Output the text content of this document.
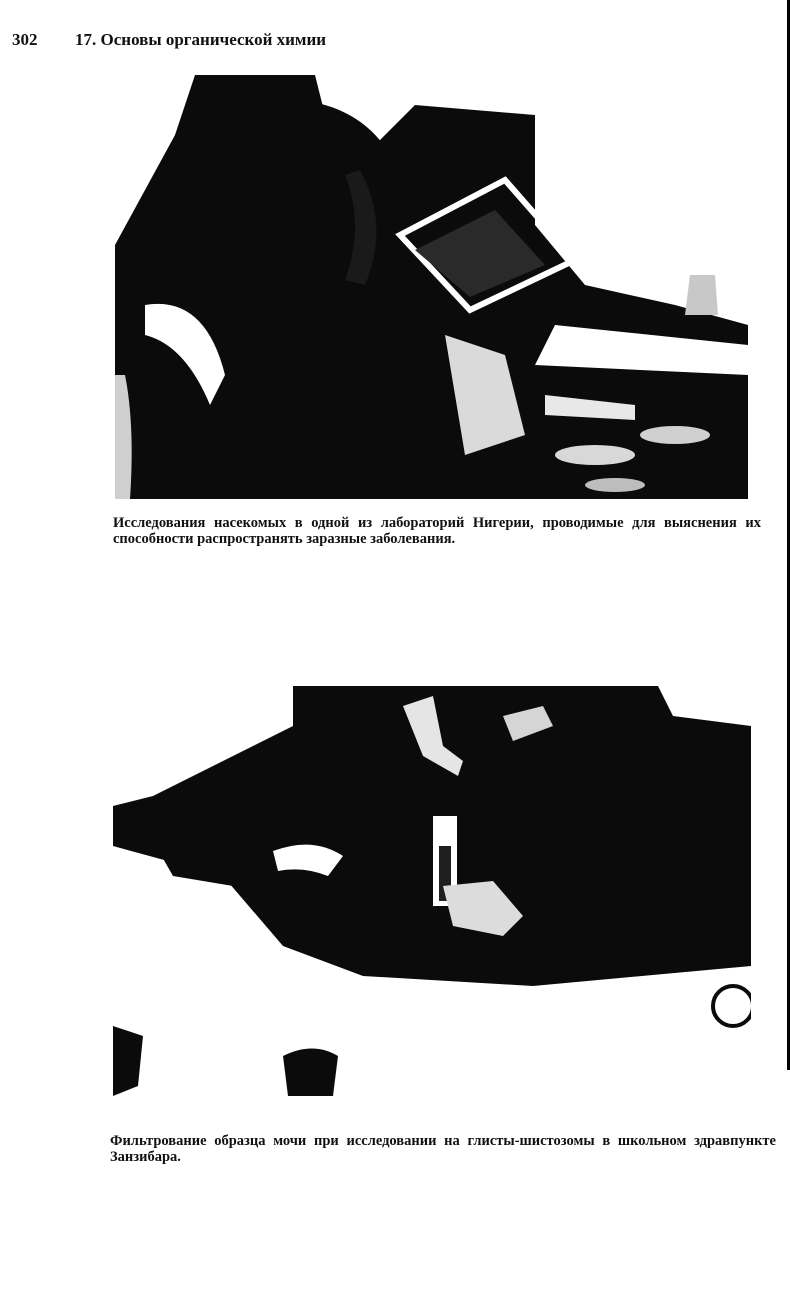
302 17. Основы органической химии
Исследования насекомых в одной из лабораторий Нигерии, проводимые для выяснения их способности распространять заразные заболевания.
Фильтрование образца мочи при исследовании на глисты-шистозомы в школьном здравпункте Занзибара.
